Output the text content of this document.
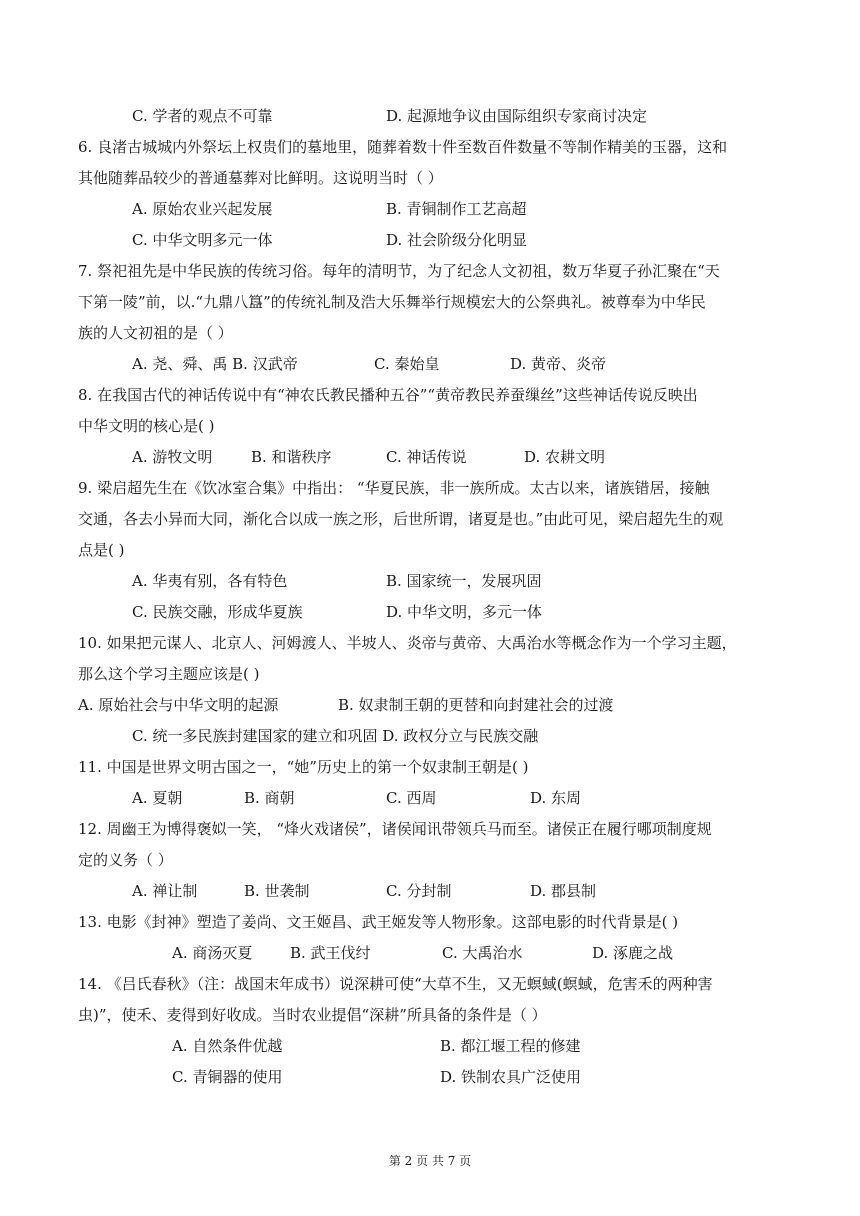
C. 学者的观点不可靠	D. 起源地争议由国际组织专家商讨决定
6. 良渚古城城内外祭坛上权贵们的墓地里，随葬着数十件至数百件数量不等制作精美的玉器，这和
其他随葬品较少的普通墓葬对比鲜明。这说明当时（ ）
A. 原始农业兴起发展	B. 青铜制作工艺高超
C. 中华文明多元一体	D. 社会阶级分化明显
7. 祭祀祖先是中华民族的传统习俗。每年的清明节，为了纪念人文初祖，数万华夏子孙汇聚在“天
下第一陵”前，以.“九鼎八簋”的传统礼制及浩大乐舞举行规模宏大的公祭典礼。被尊奉为中华民
族的人文初祖的是（ ）
A. 尧、舜、禹 B. 汉武帝	C. 秦始皇	D. 黄帝、炎帝
8. 在我国古代的神话传说中有“神农氏教民播种五谷”“黄帝教民养蚕缫丝”这些神话传说反映出
中华文明的核心是( )
A. 游牧文明	B. 和谐秩序	C. 神话传说	D. 农耕文明
9. 梁启超先生在《饮冰室合集》中指出： “华夏民族，非一族所成。太古以来，诸族错居，接触
交通，各去小异而大同，渐化合以成一族之形，后世所谓，诸夏是也。”由此可见，梁启超先生的观
点是( )
A. 华夷有别，各有特色	B. 国家统一，发展巩固
C. 民族交融，形成华夏族	D. 中华文明，多元一体
10. 如果把元谋人、北京人、河姆渡人、半坡人、炎帝与黄帝、大禹治水等概念作为一个学习主题，
那么这个学习主题应该是( )
A. 原始社会与中华文明的起源	B. 奴隶制王朝的更替和向封建社会的过渡
C. 统一多民族封建国家的建立和巩固 D. 政权分立与民族交融
11. 中国是世界文明古国之一，“她”历史上的第一个奴隶制王朝是( )
A. 夏朝	B. 商朝	C. 西周	D. 东周
12. 周幽王为博得褒姒一笑， “烽火戏诸侯”，诸侯闻讯带领兵马而至。诸侯正在履行哪项制度规
定的义务（ ）
A. 禅让制	B. 世袭制	C. 分封制	D. 郡县制
13. 电影《封神》塑造了姜尚、文王姬昌、武王姬发等人物形象。这部电影的时代背景是( )
A. 商汤灭夏	B. 武王伐纣	C. 大禹治水	D. 涿鹿之战
14. 《吕氏春秋》（注：战国末年成书）说深耕可使“大草不生，又无螟蜮(螟蜮，危害禾的两种害
虫)”，使禾、麦得到好收成。当时农业提倡“深耕”所具备的条件是（ ）
A. 自然条件优越	B. 都江堰工程的修建
C. 青铜器的使用	D. 铁制农具广泛使用
第 2 页 共 7 页
